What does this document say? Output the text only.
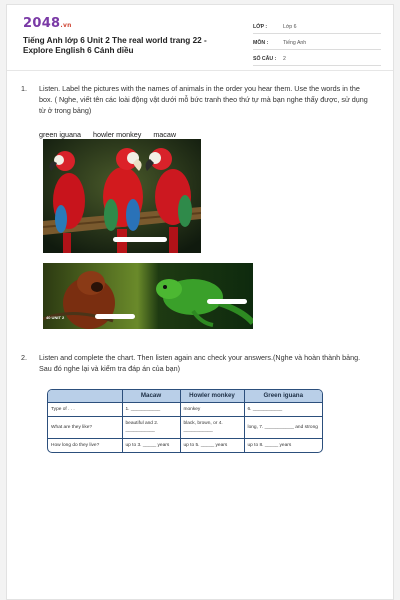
2048.vn
Tiếng Anh lớp 6 Unit 2 The real world trang 22 - Explore English 6 Cánh diều
LỚP :	Lớp 6
MÔN :	Tiếng Anh
SỐ CÂU :	2
1. Listen. Label the pictures with the names of animals in the order you hear them. Use the words in the box. ( Nghe, viết tên các loài động vật dưới mỗ bức tranh theo thứ tự mà bạn nghe thấy được, sử dụng từ ở trong bảng)
green iguana howler monkey macaw
40 UNIT 2
2. Listen and complete the chart. Then listen again anc check your answers.(Nghe và hoàn thành bảng. Sau đó nghe lại và kiểm tra đáp án của bạn)
	Macaw	Howler monkey	Green iguana
Type of . . .	1. ___________	monkey	6. ___________
What are they like?	beautiful and 2. ___________	black, brown, or 4. ___________	long, 7. ___________ and strong
How long do they live?	up to 3. _____ years	up to 5. _____ years	up to 8. _____ years
